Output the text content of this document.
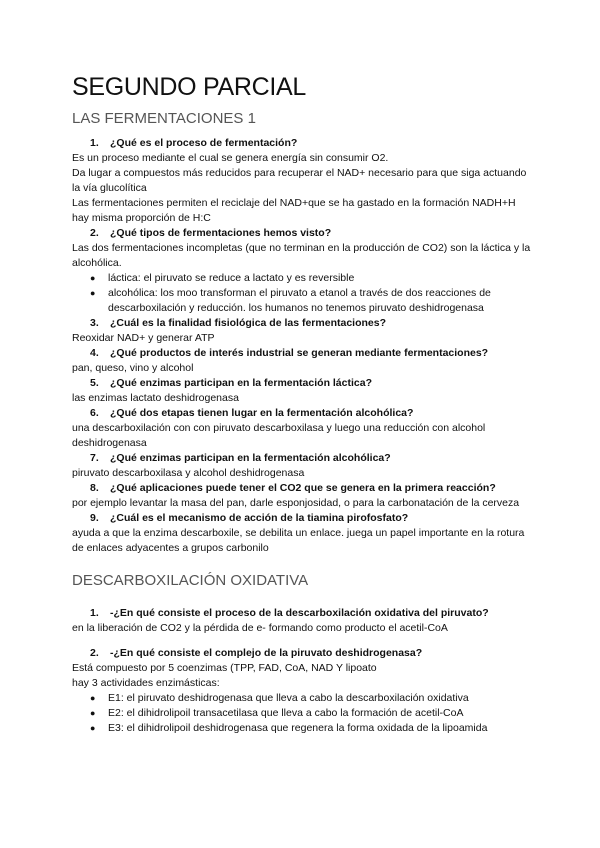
SEGUNDO PARCIAL
LAS FERMENTACIONES 1

1. ¿Qué es el proceso de fermentación?

Es un proceso mediante el cual se genera energía sin consumir O2.

Da lugar a compuestos más reducidos para recuperar el NAD+ necesario para que siga actuando la vía glucolítica

Las fermentaciones permiten el reciclaje del NAD+que se ha gastado en la formación NADH+H

hay misma proporción de H:C

2. ¿Qué tipos de fermentaciones hemos visto?

Las dos fermentaciones incompletas (que no terminan en la producción de CO2) son la láctica y la alcohólica.

● láctica: el piruvato se reduce a lactato y es reversible
● alcohólica: los moo transforman el piruvato a etanol a través de dos reacciones de descarboxilación y reducción. los humanos no tenemos piruvato deshidrogenasa

3. ¿Cuál es la finalidad fisiológica de las fermentaciones?

Reoxidar NAD+ y generar ATP

4. ¿Qué productos de interés industrial se generan mediante fermentaciones?

pan, queso, vino y alcohol

5. ¿Qué enzimas participan en la fermentación láctica?

las enzimas lactato deshidrogenasa

6. ¿Qué dos etapas tienen lugar en la fermentación alcohólica?

una descarboxilación con con piruvato descarboxilasa y luego una reducción con alcohol deshidrogenasa

7. ¿Qué enzimas participan en la fermentación alcohólica?

piruvato descarboxilasa y alcohol deshidrogenasa

8. ¿Qué aplicaciones puede tener el CO2 que se genera en la primera reacción?

por ejemplo levantar la masa del pan, darle esponjosidad, o para la carbonatación de la cerveza

9. ¿Cuál es el mecanismo de acción de la tiamina pirofosfato?

ayuda a que la enzima descarboxile, se debilita un enlace. juega un papel importante en la rotura de enlaces adyacentes a grupos carbonilo

DESCARBOXILACIÓN OXIDATIVA

1. -¿En qué consiste el proceso de la descarboxilación oxidativa del piruvato?

en la liberación de CO2 y la pérdida de e- formando como producto el acetil-CoA

2. -¿En qué consiste el complejo de la piruvato deshidrogenasa?

Está compuesto por 5 coenzimas (TPP, FAD, CoA, NAD Y lipoato

hay 3 actividades enzimásticas:

● E1: el piruvato deshidrogenasa que lleva a cabo la descarboxilación oxidativa
● E2: el dihidrolipoil transacetilasa que lleva a cabo la formación de acetil-CoA
● E3: el dihidrolipoil deshidrogenasa que regenera la forma oxidada de la lipoamida
